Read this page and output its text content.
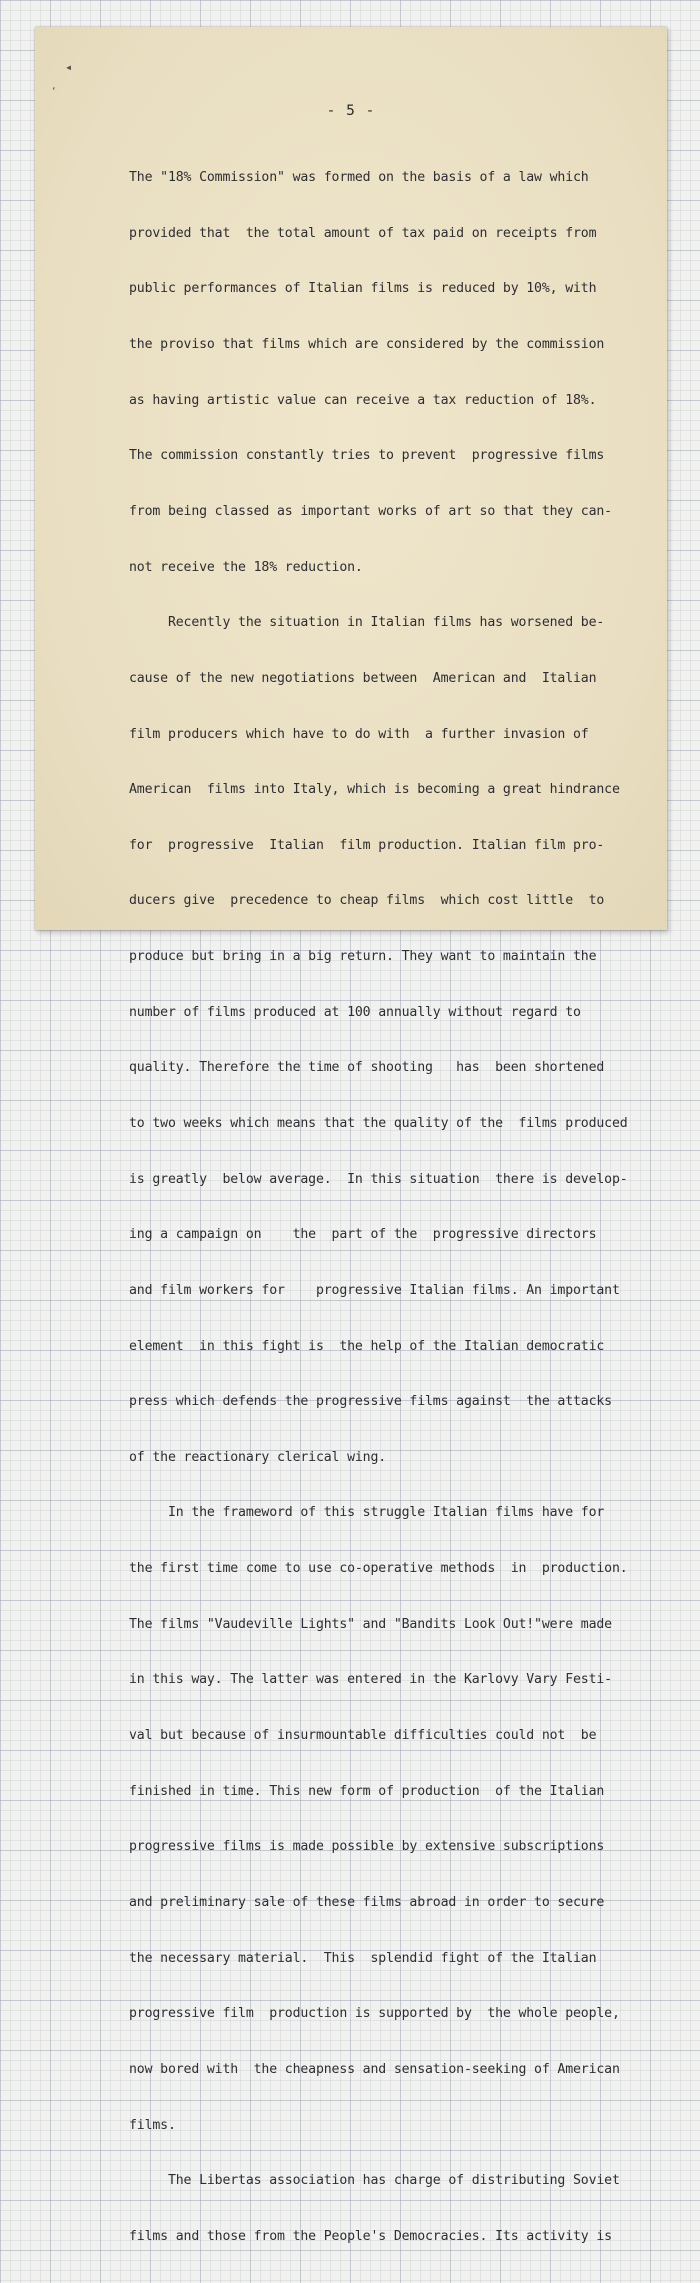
◂
‘
- 5 -

The "18% Commission" was formed on the basis of a law which

provided that  the total amount of tax paid on receipts from

public performances of Italian films is reduced by 10%, with

the proviso that films which are considered by the commission

as having artistic value can receive a tax reduction of 18%.

The commission constantly tries to prevent  progressive films

from being classed as important works of art so that they can-

not receive the 18% reduction.

Recently the situation in Italian films has worsened be-

cause of the new negotiations between  American and  Italian

film producers which have to do with  a further invasion of

American  films into Italy, which is becoming a great hindrance

for  progressive  Italian  film production. Italian film pro-

ducers give  precedence to cheap films  which cost little  to

produce but bring in a big return. They want to maintain the

number of films produced at 100 annually without regard to

quality. Therefore the time of shooting   has  been shortened

to two weeks which means that the quality of the  films produced

is greatly  below average.  In this situation  there is develop-

ing a campaign on    the  part of the  progressive directors

and film workers for    progressive Italian films. An important

element  in this fight is  the help of the Italian democratic

press which defends the progressive films against  the attacks

of the reactionary clerical wing.

In the frameword of this struggle Italian films have for

the first time come to use co-operative methods  in  production.

The films "Vaudeville Lights" and "Bandits Look Out!"were made

in this way. The latter was entered in the Karlovy Vary Festi-

val but because of insurmountable difficulties could not  be

finished in time. This new form of production  of the Italian

progressive films is made possible by extensive subscriptions

and preliminary sale of these films abroad in order to secure

the necessary material.  This  splendid fight of the Italian

progressive film  production is supported by  the whole people,

now bored with  the cheapness and sensation-seeking of American

films.

The Libertas association has charge of distributing Soviet

films and those from the People's Democracies. Its activity is
